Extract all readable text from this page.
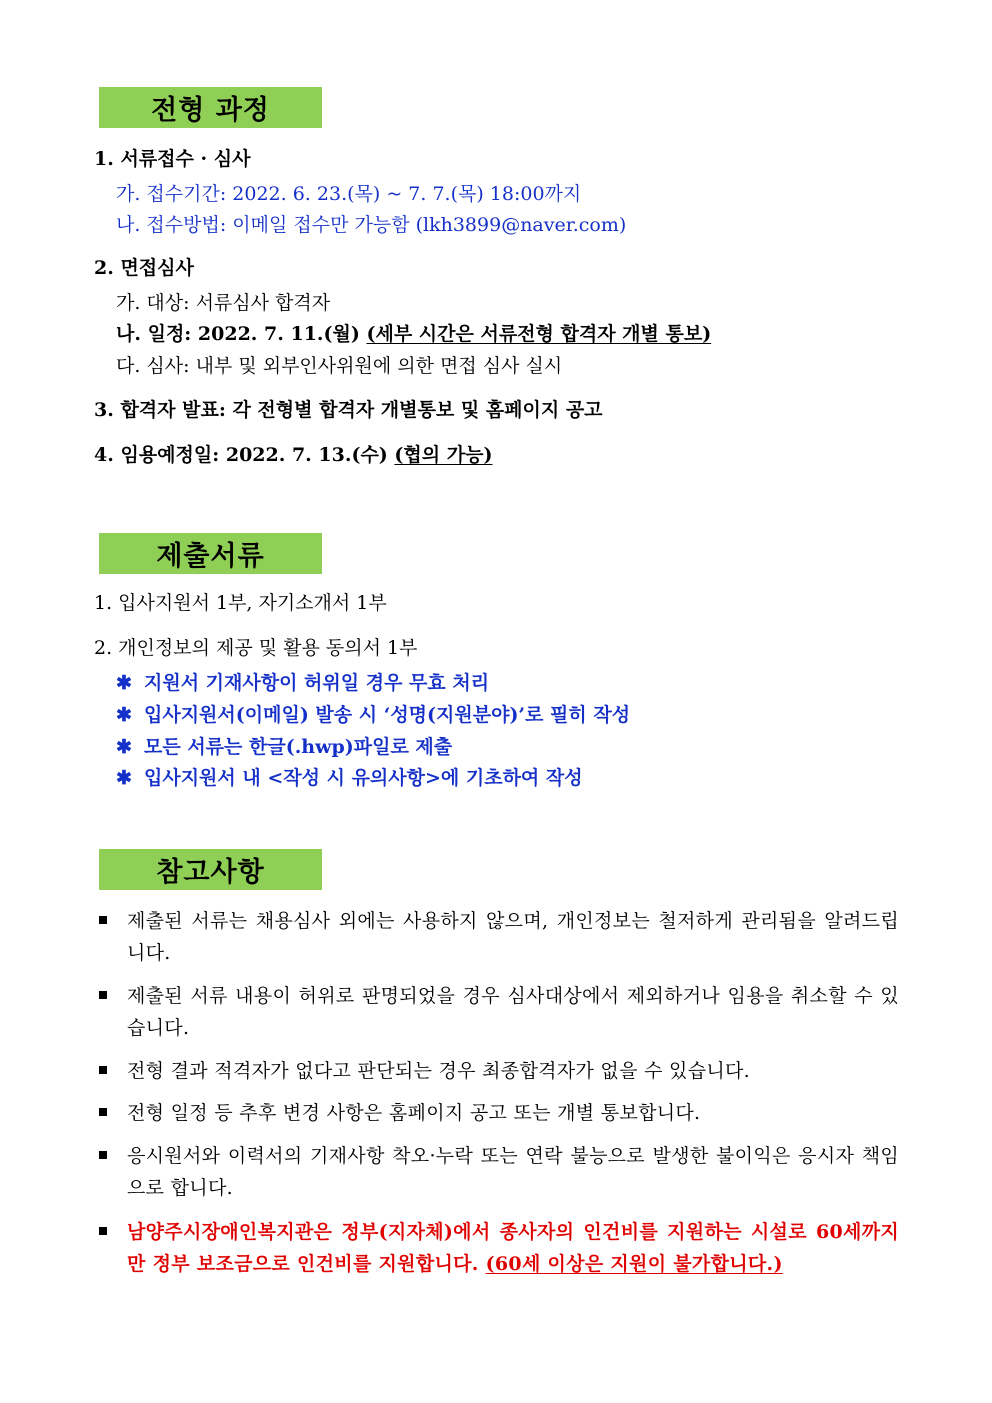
전형 과정
1. 서류접수 · 심사
가. 접수기간: 2022. 6. 23.(목) ~ 7. 7.(목) 18:00까지
나. 접수방법: 이메일 접수만 가능함 (lkh3899@naver.com)
2. 면접심사
가. 대상: 서류심사 합격자
나. 일정: 2022. 7. 11.(월) (세부 시간은 서류전형 합격자 개별 통보)
다. 심사: 내부 및 외부인사위원에 의한 면접 심사 실시
3. 합격자 발표: 각 전형별 합격자 개별통보 및 홈페이지 공고
4. 임용예정일: 2022. 7. 13.(수) (협의 가능)
제출서류
1. 입사지원서 1부, 자기소개서 1부
2. 개인정보의 제공 및 활용 동의서 1부
✱ 지원서 기재사항이 허위일 경우 무효 처리
✱ 입사지원서(이메일) 발송 시 ‘성명(지원분야)’로 필히 작성
✱ 모든 서류는 한글(.hwp)파일로 제출
✱ 입사지원서 내 <작성 시 유의사항>에 기초하여 작성
참고사항
제출된 서류는 채용심사 외에는 사용하지 않으며, 개인정보는 철저하게 관리됨을 알려드립니다.
제출된 서류 내용이 허위로 판명되었을 경우 심사대상에서 제외하거나 임용을 취소할 수 있습니다.
전형 결과 적격자가 없다고 판단되는 경우 최종합격자가 없을 수 있습니다.
전형 일정 등 추후 변경 사항은 홈페이지 공고 또는 개별 통보합니다.
응시원서와 이력서의 기재사항 착오·누락 또는 연락 불능으로 발생한 불이익은 응시자 책임으로 합니다.
남양주시장애인복지관은 정부(지자체)에서 종사자의 인건비를 지원하는 시설로 60세까지만 정부 보조금으로 인건비를 지원합니다. (60세 이상은 지원이 불가합니다.)
